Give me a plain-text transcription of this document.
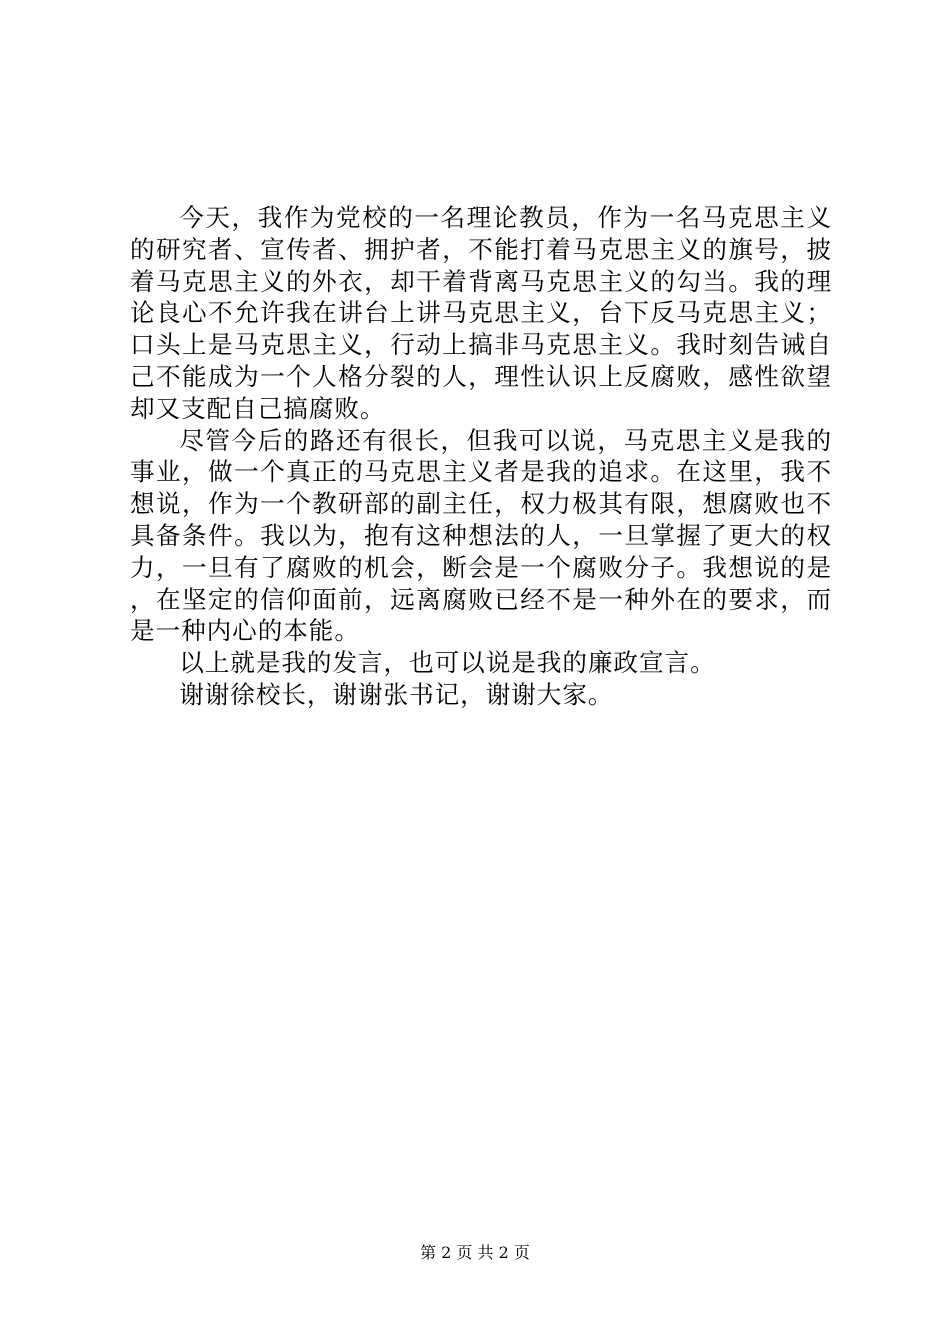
今天，我作为党校的一名理论教员，作为一名马克思主义的研究者、宣传者、拥护者，不能打着马克思主义的旗号，披着马克思主义的外衣，却干着背离马克思主义的勾当。我的理论良心不允许我在讲台上讲马克思主义，台下反马克思主义；口头上是马克思主义，行动上搞非马克思主义。我时刻告诫自己不能成为一个人格分裂的人，理性认识上反腐败，感性欲望却又支配自己搞腐败。

尽管今后的路还有很长，但我可以说，马克思主义是我的事业，做一个真正的马克思主义者是我的追求。在这里，我不想说，作为一个教研部的副主任，权力极其有限，想腐败也不具备条件。我以为，抱有这种想法的人，一旦掌握了更大的权力，一旦有了腐败的机会，断会是一个腐败分子。我想说的是，在坚定的信仰面前，远离腐败已经不是一种外在的要求，而是一种内心的本能。

以上就是我的发言，也可以说是我的廉政宣言。

谢谢徐校长，谢谢张书记，谢谢大家。

第 2 页 共 2 页
